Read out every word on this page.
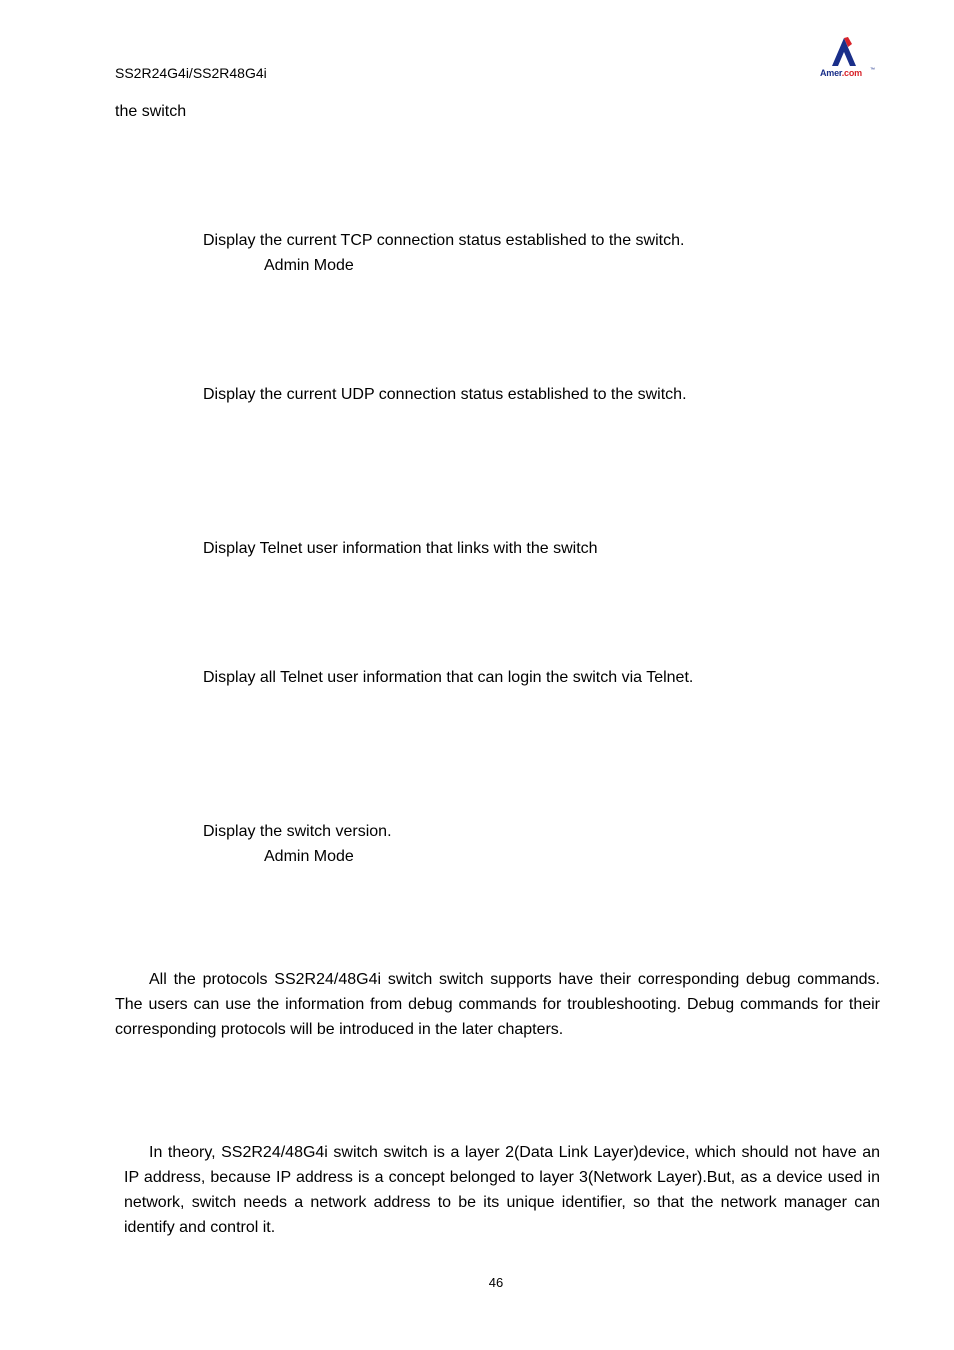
SS2R24G4i/SS2R48G4i	Amer.com ™
the switch
Display the current TCP connection status established to the switch.
Admin Mode
Display the current UDP connection status established to the switch.
Display Telnet user information that links with the switch
Display all Telnet user information that can login the switch via Telnet.
Display the switch version.
Admin Mode
All the protocols SS2R24/48G4i switch switch supports have their corresponding debug commands. The users can use the information from debug commands for troubleshooting. Debug commands for their corresponding protocols will be introduced in the later chapters.
In theory, SS2R24/48G4i switch switch is a layer 2(Data Link Layer)device, which should not have an IP address, because IP address is a concept belonged to layer 3(Network Layer).But, as a device used in network, switch needs a network address to be its unique identifier, so that the network manager can identify and control it.
46
